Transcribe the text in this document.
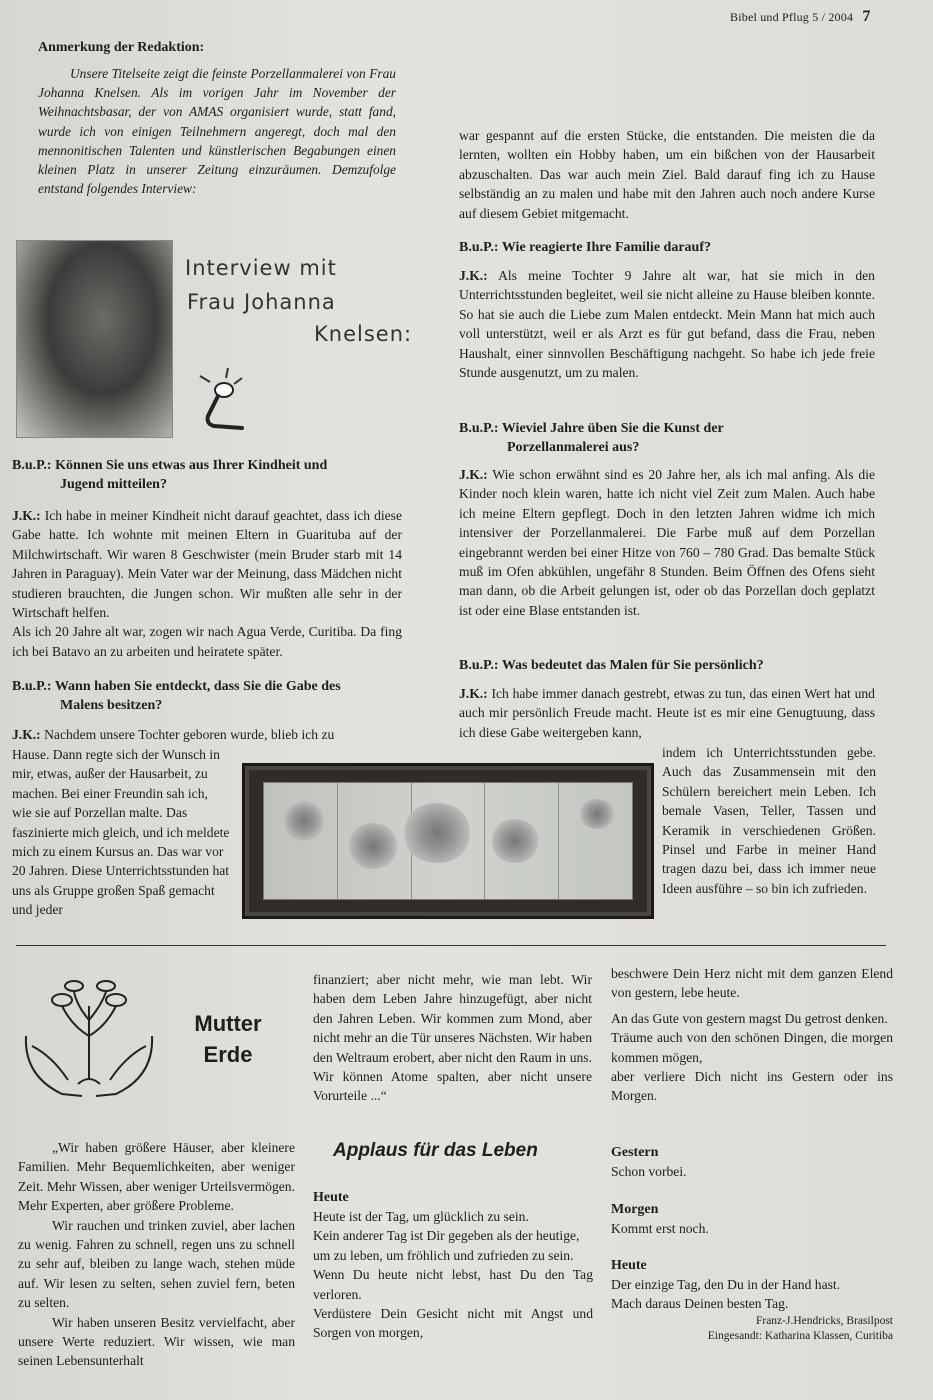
Bibel und Pflug 5 / 2004 7
Anmerkung der Redaktion:

Unsere Titelseite zeigt die feinste Porzellanmalerei von Frau Johanna Knelsen. Als im vorigen Jahr im November der Weihnachtsbasar, der von AMAS organisiert wurde, statt fand, wurde ich von einigen Teilnehmern angeregt, doch mal den mennonitischen Talenten und künstlerischen Begabungen einen kleinen Platz in unserer Zeitung einzuräumen. Demzufolge entstand folgendes Interview:

Interview mit
Frau Johanna
Knelsen:

B.u.P.: Können Sie uns etwas aus Ihrer Kindheit und
Jugend mitteilen?

J.K.: Ich habe in meiner Kindheit nicht darauf geachtet, dass ich diese Gabe hatte. Ich wohnte mit meinen Eltern in Guarituba auf der Milchwirtschaft. Wir waren 8 Geschwister (mein Bruder starb mit 14 Jahren in Paraguay). Mein Vater war der Meinung, dass Mädchen nicht studieren brauchten, die Jungen schon. Wir mußten alle sehr in der Wirtschaft helfen.

Als ich 20 Jahre alt war, zogen wir nach Agua Verde, Curitiba. Da fing ich bei Batavo an zu arbeiten und heiratete später.

B.u.P.: Wann haben Sie entdeckt, dass Sie die Gabe des
Malens besitzen?

J.K.: Nachdem unsere Tochter geboren wurde, blieb ich zu

Hause. Dann regte sich der Wunsch in mir, etwas, außer der Hausarbeit, zu machen. Bei einer Freundin sah ich, wie sie auf Porzellan malte. Das faszinierte mich gleich, und ich meldete mich zu einem Kursus an. Das war vor 20 Jahren. Diese Unterrichtsstunden hat uns als Gruppe großen Spaß gemacht und jeder

war gespannt auf die ersten Stücke, die entstanden. Die meisten die da lernten, wollten ein Hobby haben, um ein bißchen von der Hausarbeit abzuschalten. Das war auch mein Ziel. Bald darauf fing ich zu Hause selbständig an zu malen und habe mit den Jahren auch noch andere Kurse auf diesem Gebiet mitgemacht.

B.u.P.: Wie reagierte Ihre Familie darauf?

J.K.: Als meine Tochter 9 Jahre alt war, hat sie mich in den Unterrichtsstunden begleitet, weil sie nicht alleine zu Hause bleiben konnte. So hat sie auch die Liebe zum Malen entdeckt. Mein Mann hat mich auch voll unterstützt, weil er als Arzt es für gut befand, dass die Frau, neben Haushalt, einer sinnvollen Beschäftigung nachgeht. So habe ich jede freie Stunde ausgenutzt, um zu malen.

B.u.P.: Wieviel Jahre üben Sie die Kunst der
Porzellanmalerei aus?

J.K.: Wie schon erwähnt sind es 20 Jahre her, als ich mal anfing. Als die Kinder noch klein waren, hatte ich nicht viel Zeit zum Malen. Auch habe ich meine Eltern gepflegt. Doch in den letzten Jahren widme ich mich intensiver der Porzellanmalerei. Die Farbe muß auf dem Porzellan eingebrannt werden bei einer Hitze von 760 – 780 Grad. Das bemalte Stück muß im Ofen abkühlen, ungefähr 8 Stunden. Beim Öffnen des Ofens sieht man dann, ob die Arbeit gelungen ist, oder ob das Porzellan doch geplatzt ist oder eine Blase entstanden ist.

B.u.P.: Was bedeutet das Malen für Sie persönlich?

J.K.: Ich habe immer danach gestrebt, etwas zu tun, das einen Wert hat und auch mir persönlich Freude macht. Heute ist es mir eine Genugtuung, dass ich diese Gabe weitergeben kann,

indem ich Unterrichtsstunden gebe. Auch das Zusammensein mit den Schülern bereichert mein Leben. Ich bemale Vasen, Teller, Tassen und Keramik in verschiedenen Größen. Pinsel und Farbe in meiner Hand tragen dazu bei, dass ich immer neue Ideen ausführe – so bin ich zufrieden.

Mutter
Erde

„Wir haben größere Häuser, aber kleinere Familien. Mehr Bequemlichkeiten, aber weniger Zeit. Mehr Wissen, aber weniger Urteilsvermögen. Mehr Experten, aber größere Probleme.

Wir rauchen und trinken zuviel, aber lachen zu wenig. Fahren zu schnell, regen uns zu schnell zu sehr auf, bleiben zu lange wach, stehen müde auf. Wir lesen zu selten, sehen zuviel fern, beten zu selten.

Wir haben unseren Besitz vervielfacht, aber unsere Werte reduziert. Wir wissen, wie man seinen Lebensunterhalt

finanziert; aber nicht mehr, wie man lebt. Wir haben dem Leben Jahre hinzugefügt, aber nicht den Jahren Leben. Wir kommen zum Mond, aber nicht mehr an die Tür unseres Nächsten. Wir haben den Weltraum erobert, aber nicht den Raum in uns. Wir können Atome spalten, aber nicht unsere Vorurteile ...“

Applaus für das Leben
Heute

Heute ist der Tag, um glücklich zu sein.

Kein anderer Tag ist Dir gegeben als der heutige,

um zu leben, um fröhlich und zufrieden zu sein.

Wenn Du heute nicht lebst, hast Du den Tag verloren.

Verdüstere Dein Gesicht nicht mit Angst und Sorgen von morgen,

beschwere Dein Herz nicht mit dem ganzen Elend von gestern, lebe heute.

An das Gute von gestern magst Du getrost denken.

Träume auch von den schönen Dingen, die morgen kommen mögen,

aber verliere Dich nicht ins Gestern oder ins Morgen.

Gestern

Schon vorbei.

Morgen

Kommt erst noch.

Heute

Der einzige Tag, den Du in der Hand hast.

Mach daraus Deinen besten Tag.

Franz-J.Hendricks, Brasilpost
Eingesandt: Katharina Klassen, Curitiba
